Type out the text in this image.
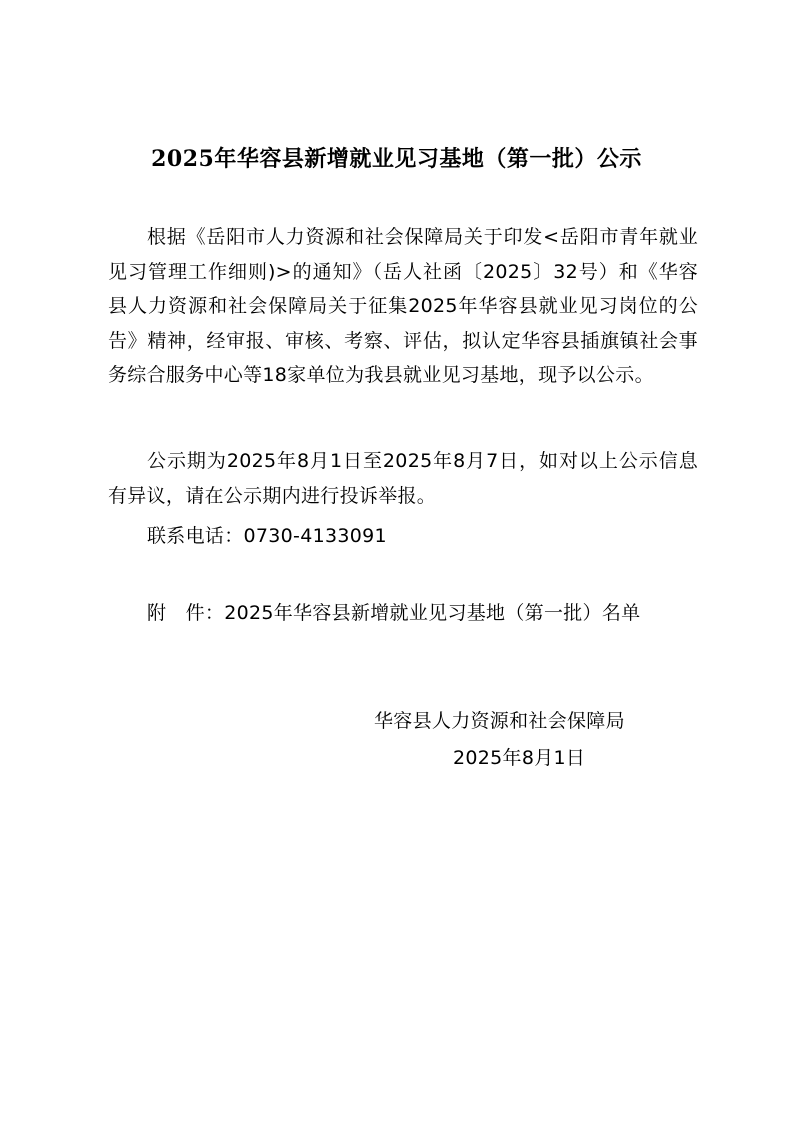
2025年华容县新增就业见习基地（第一批）公示
根据《岳阳市人力资源和社会保障局关于印发<岳阳市青年就业见习管理工作细则)>的通知》（岳人社函〔2025〕32号）和《华容县人力资源和社会保障局关于征集2025年华容县就业见习岗位的公告》精神，经审报、审核、考察、评估，拟认定华容县插旗镇社会事务综合服务中心等18家单位为我县就业见习基地，现予以公示。
公示期为2025年8月1日至2025年8月7日，如对以上公示信息有异议，请在公示期内进行投诉举报。
联系电话：0730-4133091
附　件：2025年华容县新增就业见习基地（第一批）名单
华容县人力资源和社会保障局
2025年8月1日
